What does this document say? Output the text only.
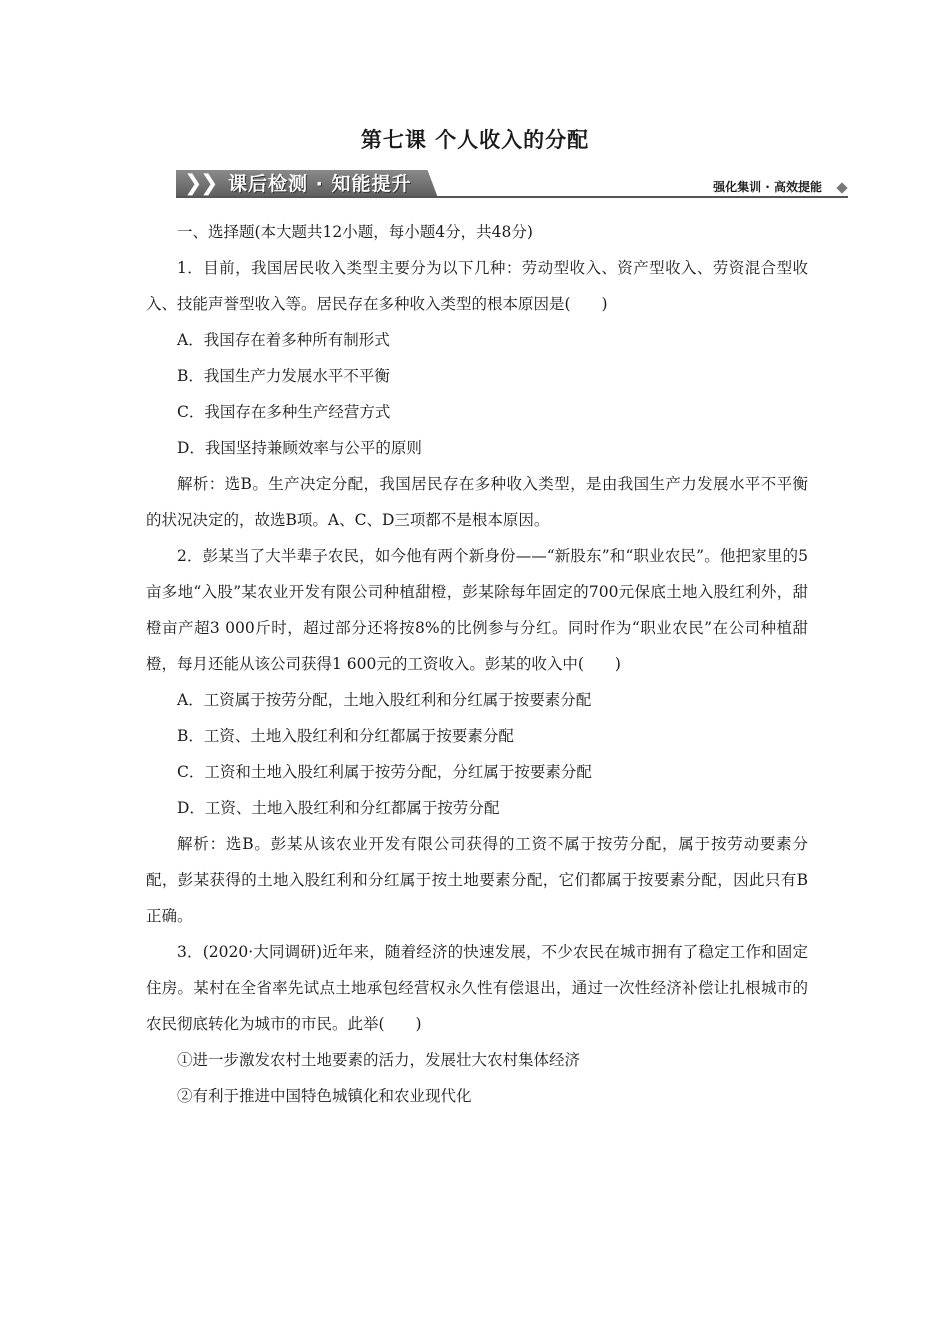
第七课 个人收入的分配
❯
❯ 课后检测 · 知能提升	强化集训 · 高效提能

一、选择题(本大题共12小题，每小题4分，共48分)

1．目前，我国居民收入类型主要分为以下几种：劳动型收入、资产型收入、劳资混合型收入、技能声誉型收入等。居民存在多种收入类型的根本原因是(　　)

A．我国存在着多种所有制形式

B．我国生产力发展水平不平衡

C．我国存在多种生产经营方式

D．我国坚持兼顾效率与公平的原则

解析：选B。生产决定分配，我国居民存在多种收入类型，是由我国生产力发展水平不平衡的状况决定的，故选B项。A、C、D三项都不是根本原因。

2．彭某当了大半辈子农民，如今他有两个新身份——“新股东”和“职业农民”。他把家里的5亩多地“入股”某农业开发有限公司种植甜橙，彭某除每年固定的700元保底土地入股红利外，甜橙亩产超3 000斤时，超过部分还将按8%的比例参与分红。同时作为“职业农民”在公司种植甜橙，每月还能从该公司获得1 600元的工资收入。彭某的收入中(　　)

A．工资属于按劳分配，土地入股红利和分红属于按要素分配

B．工资、土地入股红利和分红都属于按要素分配

C．工资和土地入股红利属于按劳分配，分红属于按要素分配

D．工资、土地入股红利和分红都属于按劳分配

解析：选B。彭某从该农业开发有限公司获得的工资不属于按劳分配，属于按劳动要素分配，彭某获得的土地入股红利和分红属于按土地要素分配，它们都属于按要素分配，因此只有B正确。

3．(2020·大同调研)近年来，随着经济的快速发展，不少农民在城市拥有了稳定工作和固定住房。某村在全省率先试点土地承包经营权永久性有偿退出，通过一次性经济补偿让扎根城市的农民彻底转化为城市的市民。此举(　　)

①进一步激发农村土地要素的活力，发展壮大农村集体经济

②有利于推进中国特色城镇化和农业现代化
